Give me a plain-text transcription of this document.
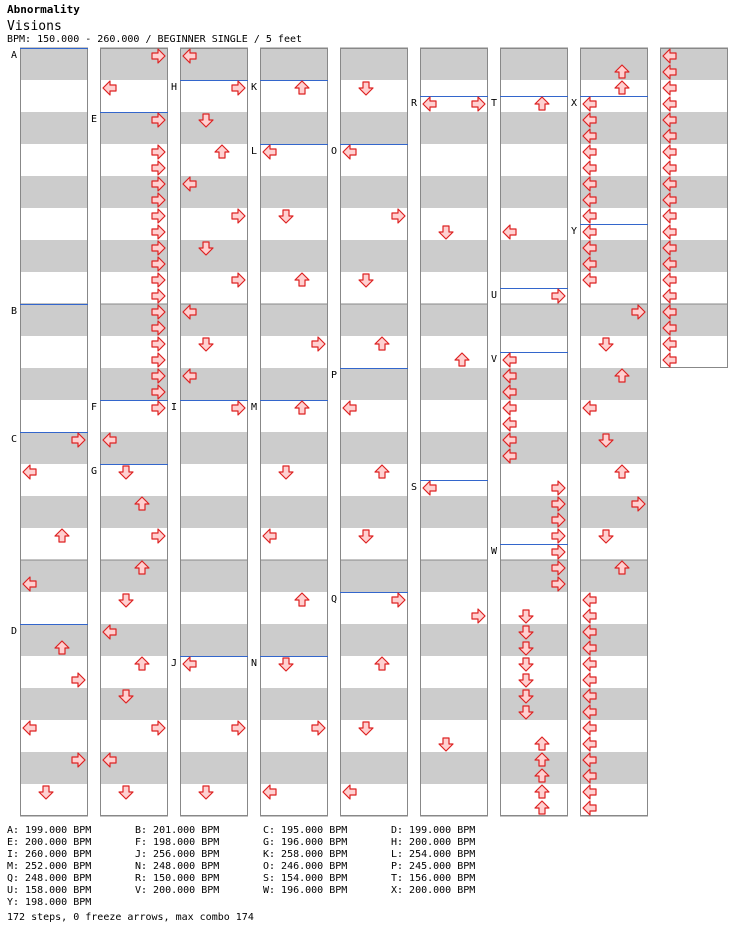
Abnormality
Visions
BPM: 150.000 - 260.000 / BEGINNER SINGLE / 5 feet
A
B
C
D
E
F
G
H
I
J
K
L
M
N
O
P
Q
R
S
T
U
V
W
X
Y
A: 199.000 BPM	B: 201.000 BPM	C: 195.000 BPM	D: 199.000 BPM
E: 200.000 BPM	F: 198.000 BPM	G: 196.000 BPM	H: 200.000 BPM
I: 260.000 BPM	J: 256.000 BPM	K: 258.000 BPM	L: 254.000 BPM
M: 252.000 BPM	N: 248.000 BPM	O: 246.000 BPM	P: 245.000 BPM
Q: 248.000 BPM	R: 150.000 BPM	S: 154.000 BPM	T: 156.000 BPM
U: 158.000 BPM	V: 200.000 BPM	W: 196.000 BPM	X: 200.000 BPM
Y: 198.000 BPM
172 steps, 0 freeze arrows, max combo 174
